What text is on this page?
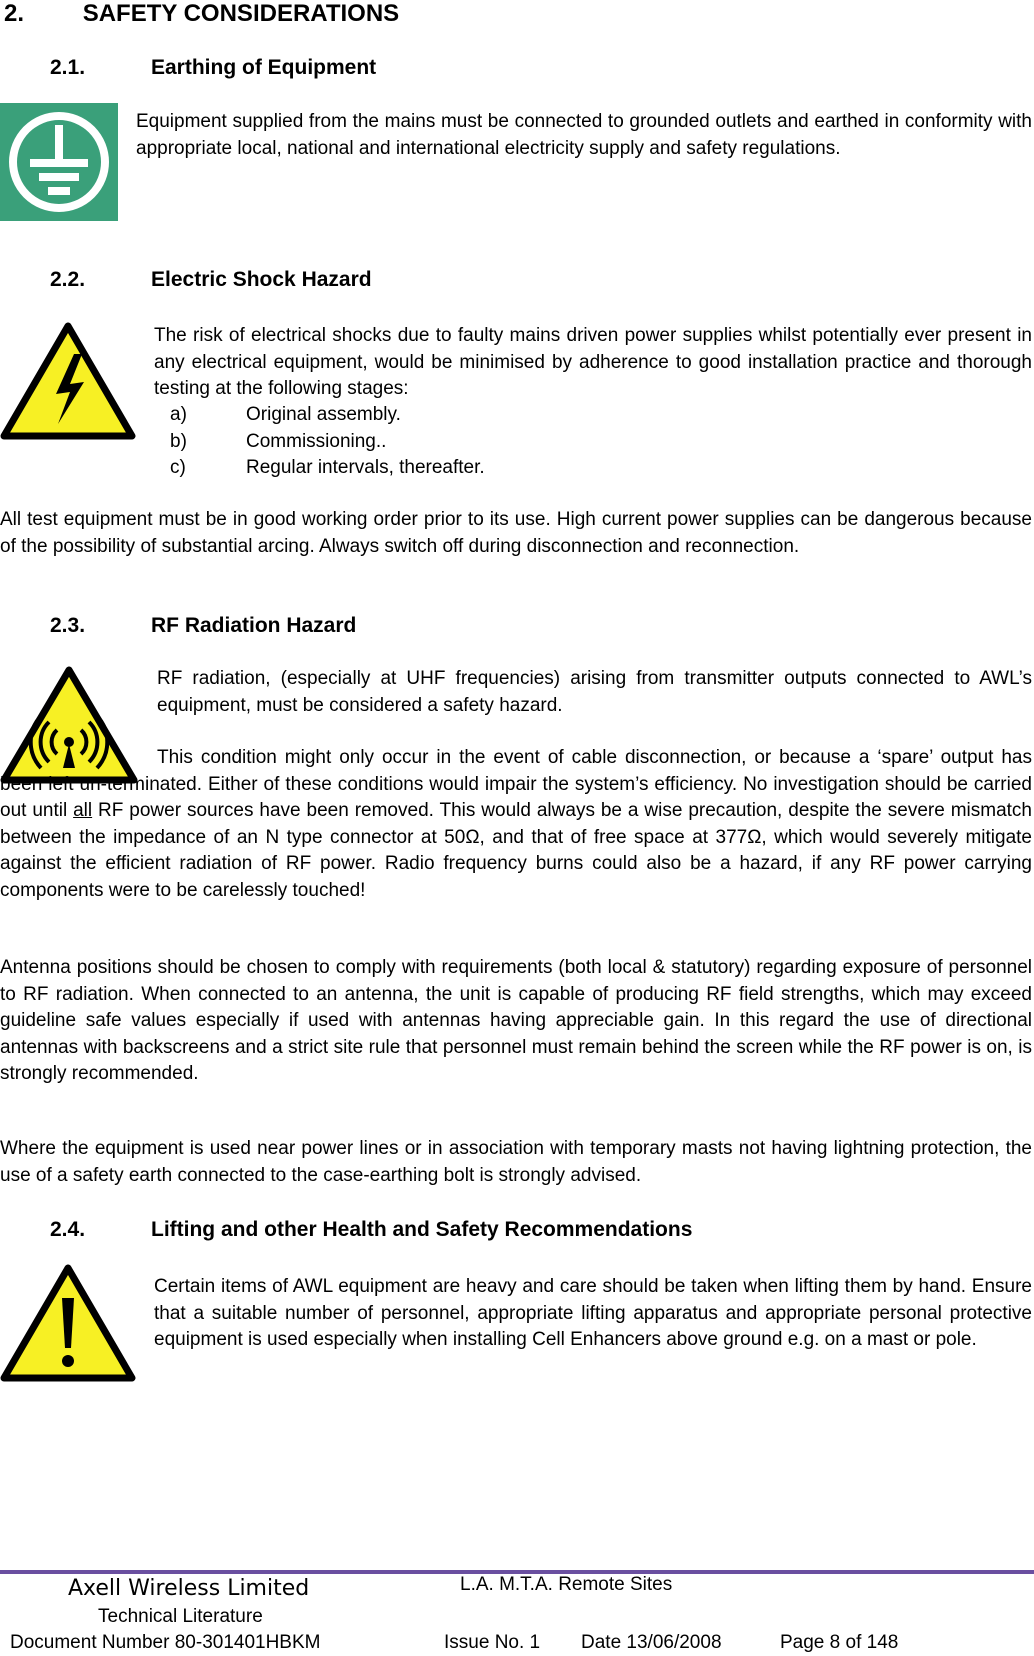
2. SAFETY CONSIDERATIONS
2.1.	Earthing of Equipment
Equipment supplied from the mains must be connected to grounded outlets and earthed in conformity with appropriate local, national and international electricity supply and safety regulations.
2.2.	Electric Shock Hazard
The risk of electrical shocks due to faulty mains driven power supplies whilst potentially ever present in any electrical equipment, would be minimised by adherence to good installation practice and thorough testing at the following stages:
a)	Original assembly.
b)	Commissioning..
c)	Regular intervals, thereafter.
All test equipment must be in good working order prior to its use. High current power supplies can be dangerous because of the possibility of substantial arcing. Always switch off during disconnection and reconnection.
2.3.	RF Radiation Hazard
RF radiation, (especially at UHF frequencies) arising from transmitter outputs connected to AWL’s equipment, must be considered a safety hazard.
This condition might only occur in the event of cable disconnection, or because a ‘spare’ output has been left un-terminated. Either of these conditions would impair the system’s efficiency. No investigation should be carried out until all RF power sources have been removed. This would always be a wise precaution, despite the severe mismatch between the impedance of an N type connector at 50Ω, and that of free space at 377Ω, which would severely mitigate against the efficient radiation of RF power. Radio frequency burns could also be a hazard, if any RF power carrying components were to be carelessly touched!
Antenna positions should be chosen to comply with requirements (both local & statutory) regarding exposure of personnel to RF radiation. When connected to an antenna, the unit is capable of producing RF field strengths, which may exceed guideline safe values especially if used with antennas having appreciable gain. In this regard the use of directional antennas with backscreens and a strict site rule that personnel must remain behind the screen while the RF power is on, is strongly recommended.
Where the equipment is used near power lines or in association with temporary masts not having lightning protection, the use of a safety earth connected to the case-earthing bolt is strongly advised.
2.4.	Lifting and other Health and Safety Recommendations
Certain items of AWL equipment are heavy and care should be taken when lifting them by hand. Ensure that a suitable number of personnel, appropriate lifting apparatus and appropriate personal protective equipment is used especially when installing Cell Enhancers above ground e.g. on a mast or pole.
Axell Wireless Limited	L.A. M.T.A. Remote Sites
Technical Literature
Document Number 80-301401HBKM	Issue No. 1 Date 13/06/2008	Page 8 of 148
